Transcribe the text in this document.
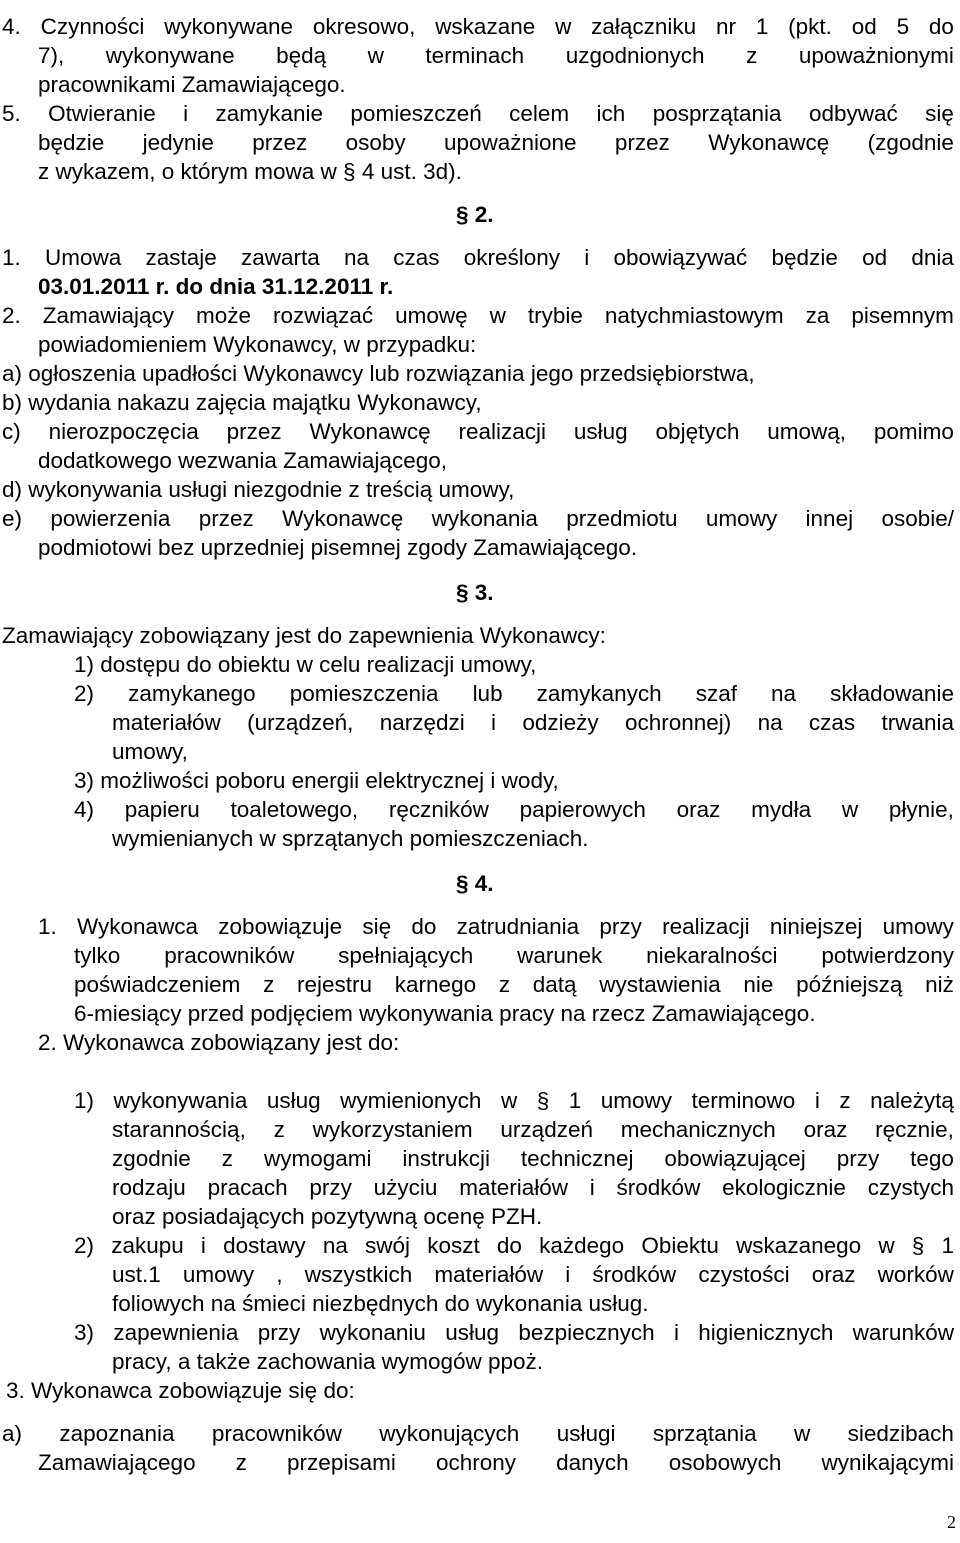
4. Czynności wykonywane okresowo, wskazane w załączniku nr 1 (pkt. od 5 do
7), wykonywane będą w terminach uzgodnionych z upoważnionymi
pracownikami Zamawiającego.
5. Otwieranie i zamykanie pomieszczeń celem ich posprzątania odbywać się
będzie jedynie przez osoby upoważnione przez Wykonawcę (zgodnie
z wykazem, o którym mowa w § 4 ust. 3d).
§ 2.
1. Umowa zastaje zawarta na czas określony i obowiązywać będzie od dnia
03.01.2011 r. do dnia 31.12.2011 r.
2. Zamawiający może rozwiązać umowę w trybie natychmiastowym za pisemnym
powiadomieniem Wykonawcy, w przypadku:
a) ogłoszenia upadłości Wykonawcy lub rozwiązania jego przedsiębiorstwa,
b) wydania nakazu zajęcia majątku Wykonawcy,
c) nierozpoczęcia przez Wykonawcę realizacji usług objętych umową, pomimo
dodatkowego wezwania Zamawiającego,
d) wykonywania usługi niezgodnie z treścią umowy,
e) powierzenia przez Wykonawcę wykonania przedmiotu umowy innej osobie/
podmiotowi bez uprzedniej pisemnej zgody Zamawiającego.
§ 3.
Zamawiający zobowiązany jest do zapewnienia Wykonawcy:
1) dostępu do obiektu w celu realizacji umowy,
2) zamykanego pomieszczenia lub zamykanych szaf na składowanie
materiałów (urządzeń, narzędzi i odzieży ochronnej) na czas trwania
umowy,
3) możliwości poboru energii elektrycznej i wody,
4) papieru toaletowego, ręczników papierowych oraz mydła w płynie,
wymienianych w sprzątanych pomieszczeniach.
§ 4.
1. Wykonawca zobowiązuje się do zatrudniania przy realizacji niniejszej umowy
tylko pracowników spełniających warunek niekaralności potwierdzony
poświadczeniem z rejestru karnego z datą wystawienia nie późniejszą niż
6-miesiący przed podjęciem wykonywania pracy na rzecz Zamawiającego.
2. Wykonawca zobowiązany jest do:
1) wykonywania usług wymienionych w § 1 umowy terminowo i z należytą
starannością, z wykorzystaniem urządzeń mechanicznych oraz ręcznie,
zgodnie z wymogami instrukcji technicznej obowiązującej przy tego
rodzaju pracach przy użyciu materiałów i środków ekologicznie czystych
oraz posiadających pozytywną ocenę PZH.
2) zakupu i dostawy na swój koszt do każdego Obiektu wskazanego w § 1
ust.1 umowy , wszystkich materiałów i środków czystości oraz worków
foliowych na śmieci niezbędnych do wykonania usług.
3) zapewnienia przy wykonaniu usług bezpiecznych i higienicznych warunków
pracy, a także zachowania wymogów ppoż.
3. Wykonawca zobowiązuje się do:
a) zapoznania pracowników wykonujących usługi sprzątania w siedzibach
Zamawiającego z przepisami ochrony danych osobowych wynikającymi
2
